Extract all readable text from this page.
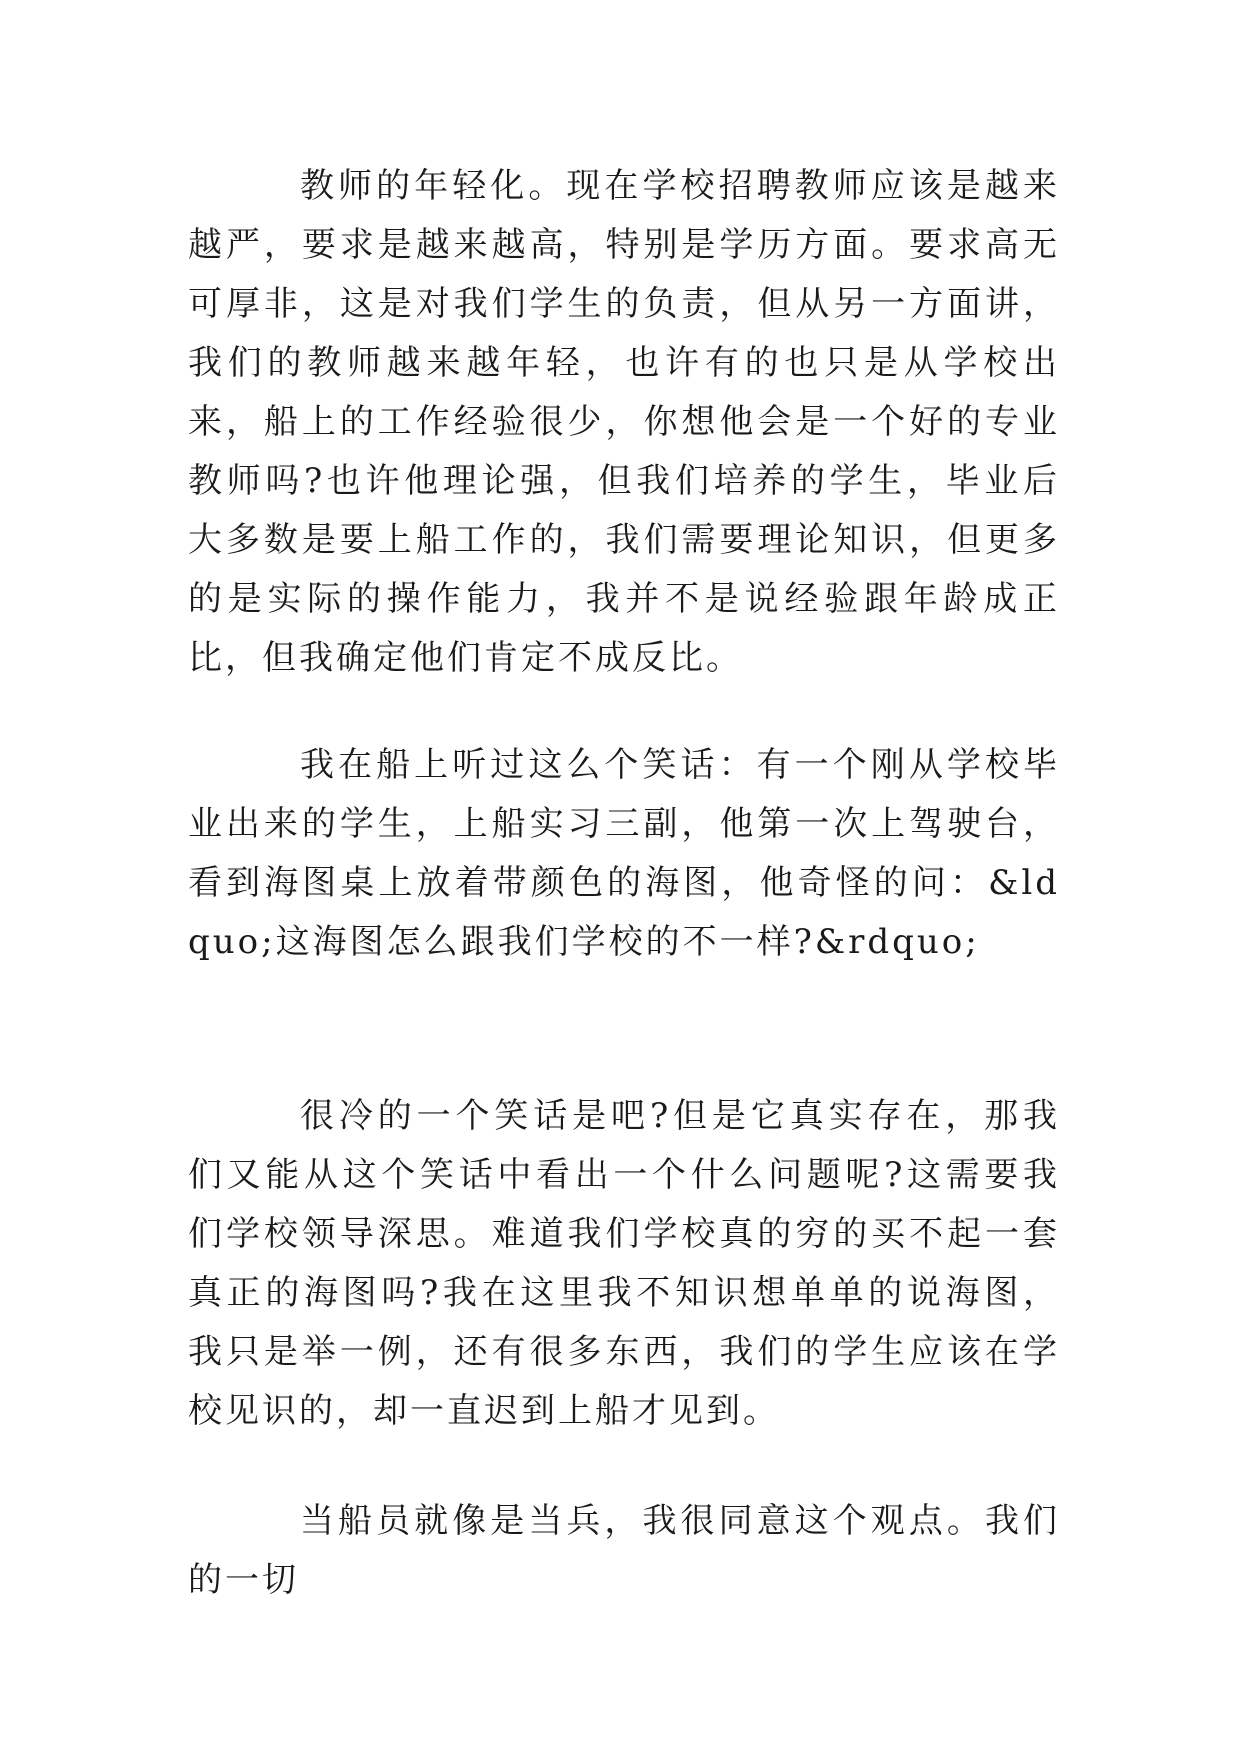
教师的年轻化。现在学校招聘教师应该是越来越严，要求是越来越高，特别是学历方面。要求高无可厚非，这是对我们学生的负责，但从另一方面讲，我们的教师越来越年轻，也许有的也只是从学校出来，船上的工作经验很少，你想他会是一个好的专业教师吗?也许他理论强，但我们培养的学生，毕业后大多数是要上船工作的，我们需要理论知识，但更多的是实际的操作能力，我并不是说经验跟年龄成正比，但我确定他们肯定不成反比。

我在船上听过这么个笑话：有一个刚从学校毕业出来的学生，上船实习三副，他第一次上驾驶台，看到海图桌上放着带颜色的海图，他奇怪的问：&ldquo;这海图怎么跟我们学校的不一样?&rdquo;

很冷的一个笑话是吧?但是它真实存在，那我们又能从这个笑话中看出一个什么问题呢?这需要我们学校领导深思。难道我们学校真的穷的买不起一套真正的海图吗?我在这里我不知识想单单的说海图，我只是举一例，还有很多东西，我们的学生应该在学校见识的，却一直迟到上船才见到。

当船员就像是当兵，我很同意这个观点。我们的一切
